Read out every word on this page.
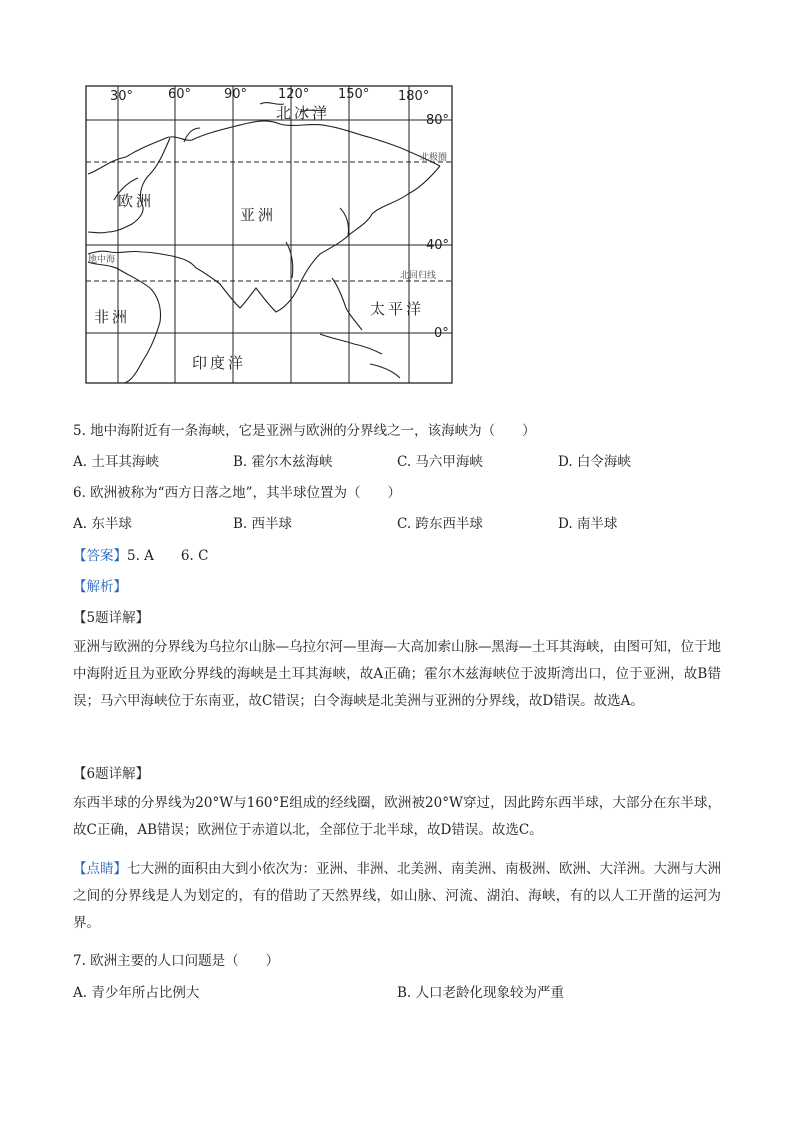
30°	60°	90° 120° 150° 180°
80°
40°
0°
北极圈
北回归线
地中海
北冰洋
欧洲
亚洲
非洲	太平洋
印度洋
5. 地中海附近有一条海峡，它是亚洲与欧洲的分界线之一，该海峡为（　　）
A. 土耳其海峡	B. 霍尔木兹海峡	C. 马六甲海峡	D. 白令海峡
6. 欧洲被称为“西方日落之地”，其半球位置为（　　）
A. 东半球	B. 西半球	C. 跨东西半球	D. 南半球
【答案】5. A　　6. C
【解析】
【5题详解】
亚洲与欧洲的分界线为乌拉尔山脉—乌拉尔河—里海—大高加索山脉—黑海—土耳其海峡，由图可知，位于地中海附近且为亚欧分界线的海峡是土耳其海峡，故A正确；霍尔木兹海峡位于波斯湾出口，位于亚洲，故B错误；马六甲海峡位于东南亚，故C错误；白令海峡是北美洲与亚洲的分界线，故D错误。故选A。
【6题详解】
东西半球的分界线为20°W与160°E组成的经线圈，欧洲被20°W穿过，因此跨东西半球，大部分在东半球，故C正确，AB错误；欧洲位于赤道以北，全部位于北半球，故D错误。故选C。
【点睛】七大洲的面积由大到小依次为：亚洲、非洲、北美洲、南美洲、南极洲、欧洲、大洋洲。大洲与大洲之间的分界线是人为划定的，有的借助了天然界线，如山脉、河流、湖泊、海峡，有的以人工开凿的运河为界。
7. 欧洲主要的人口问题是（　　）
A. 青少年所占比例大	B. 人口老龄化现象较为严重
